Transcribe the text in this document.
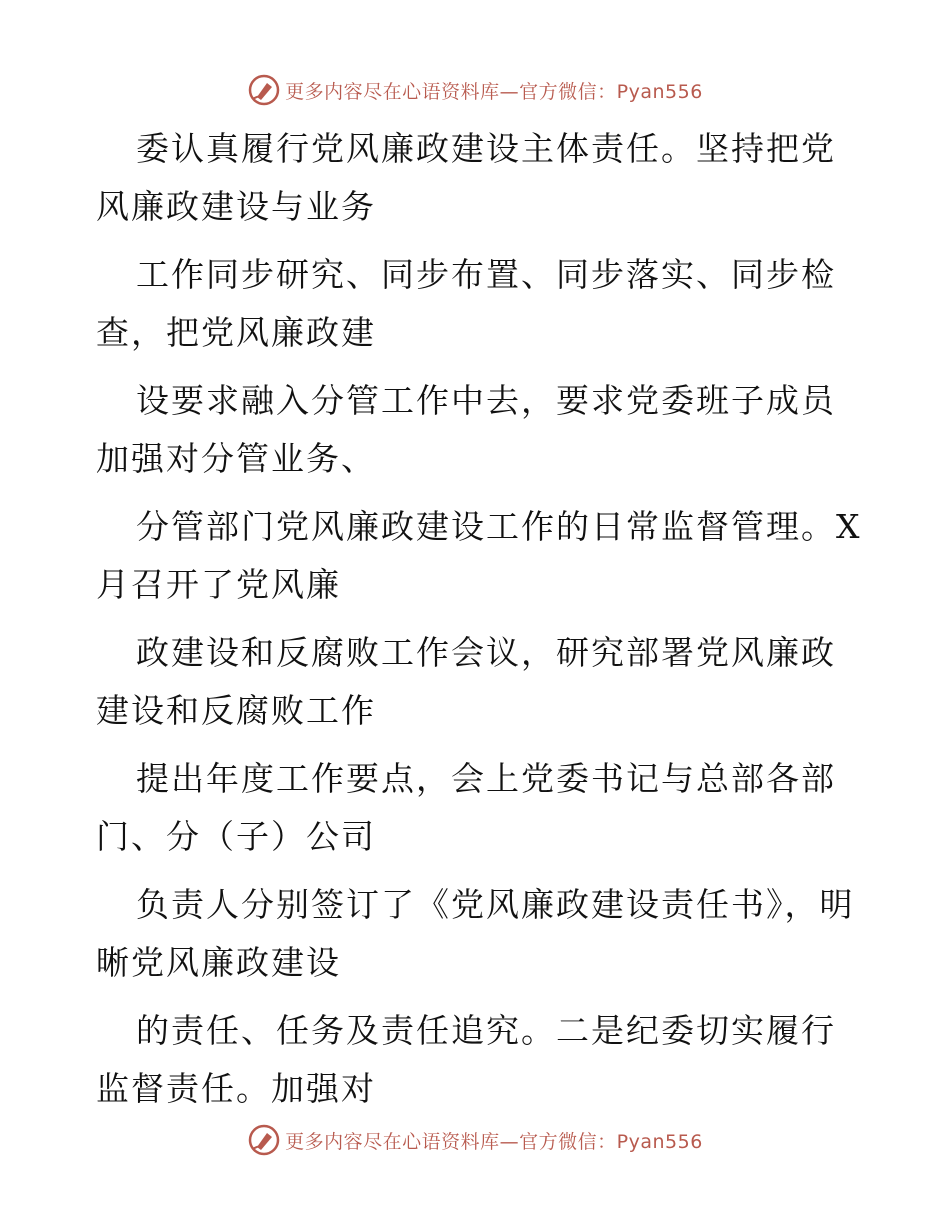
更多内容尽在心语资料库—官方微信：Pyan556

委认真履行党风廉政建设主体责任。坚持把党风廉政建设与业务

工作同步研究、同步布置、同步落实、同步检查，把党风廉政建

设要求融入分管工作中去，要求党委班子成员加强对分管业务、

分管部门党风廉政建设工作的日常监督管理。X月召开了党风廉

政建设和反腐败工作会议，研究部署党风廉政建设和反腐败工作

提出年度工作要点，会上党委书记与总部各部门、分（子）公司

负责人分别签订了《党风廉政建设责任书》，明晰党风廉政建设

的责任、任务及责任追究。二是纪委切实履行监督责任。加强对

更多内容尽在心语资料库—官方微信：Pyan556
